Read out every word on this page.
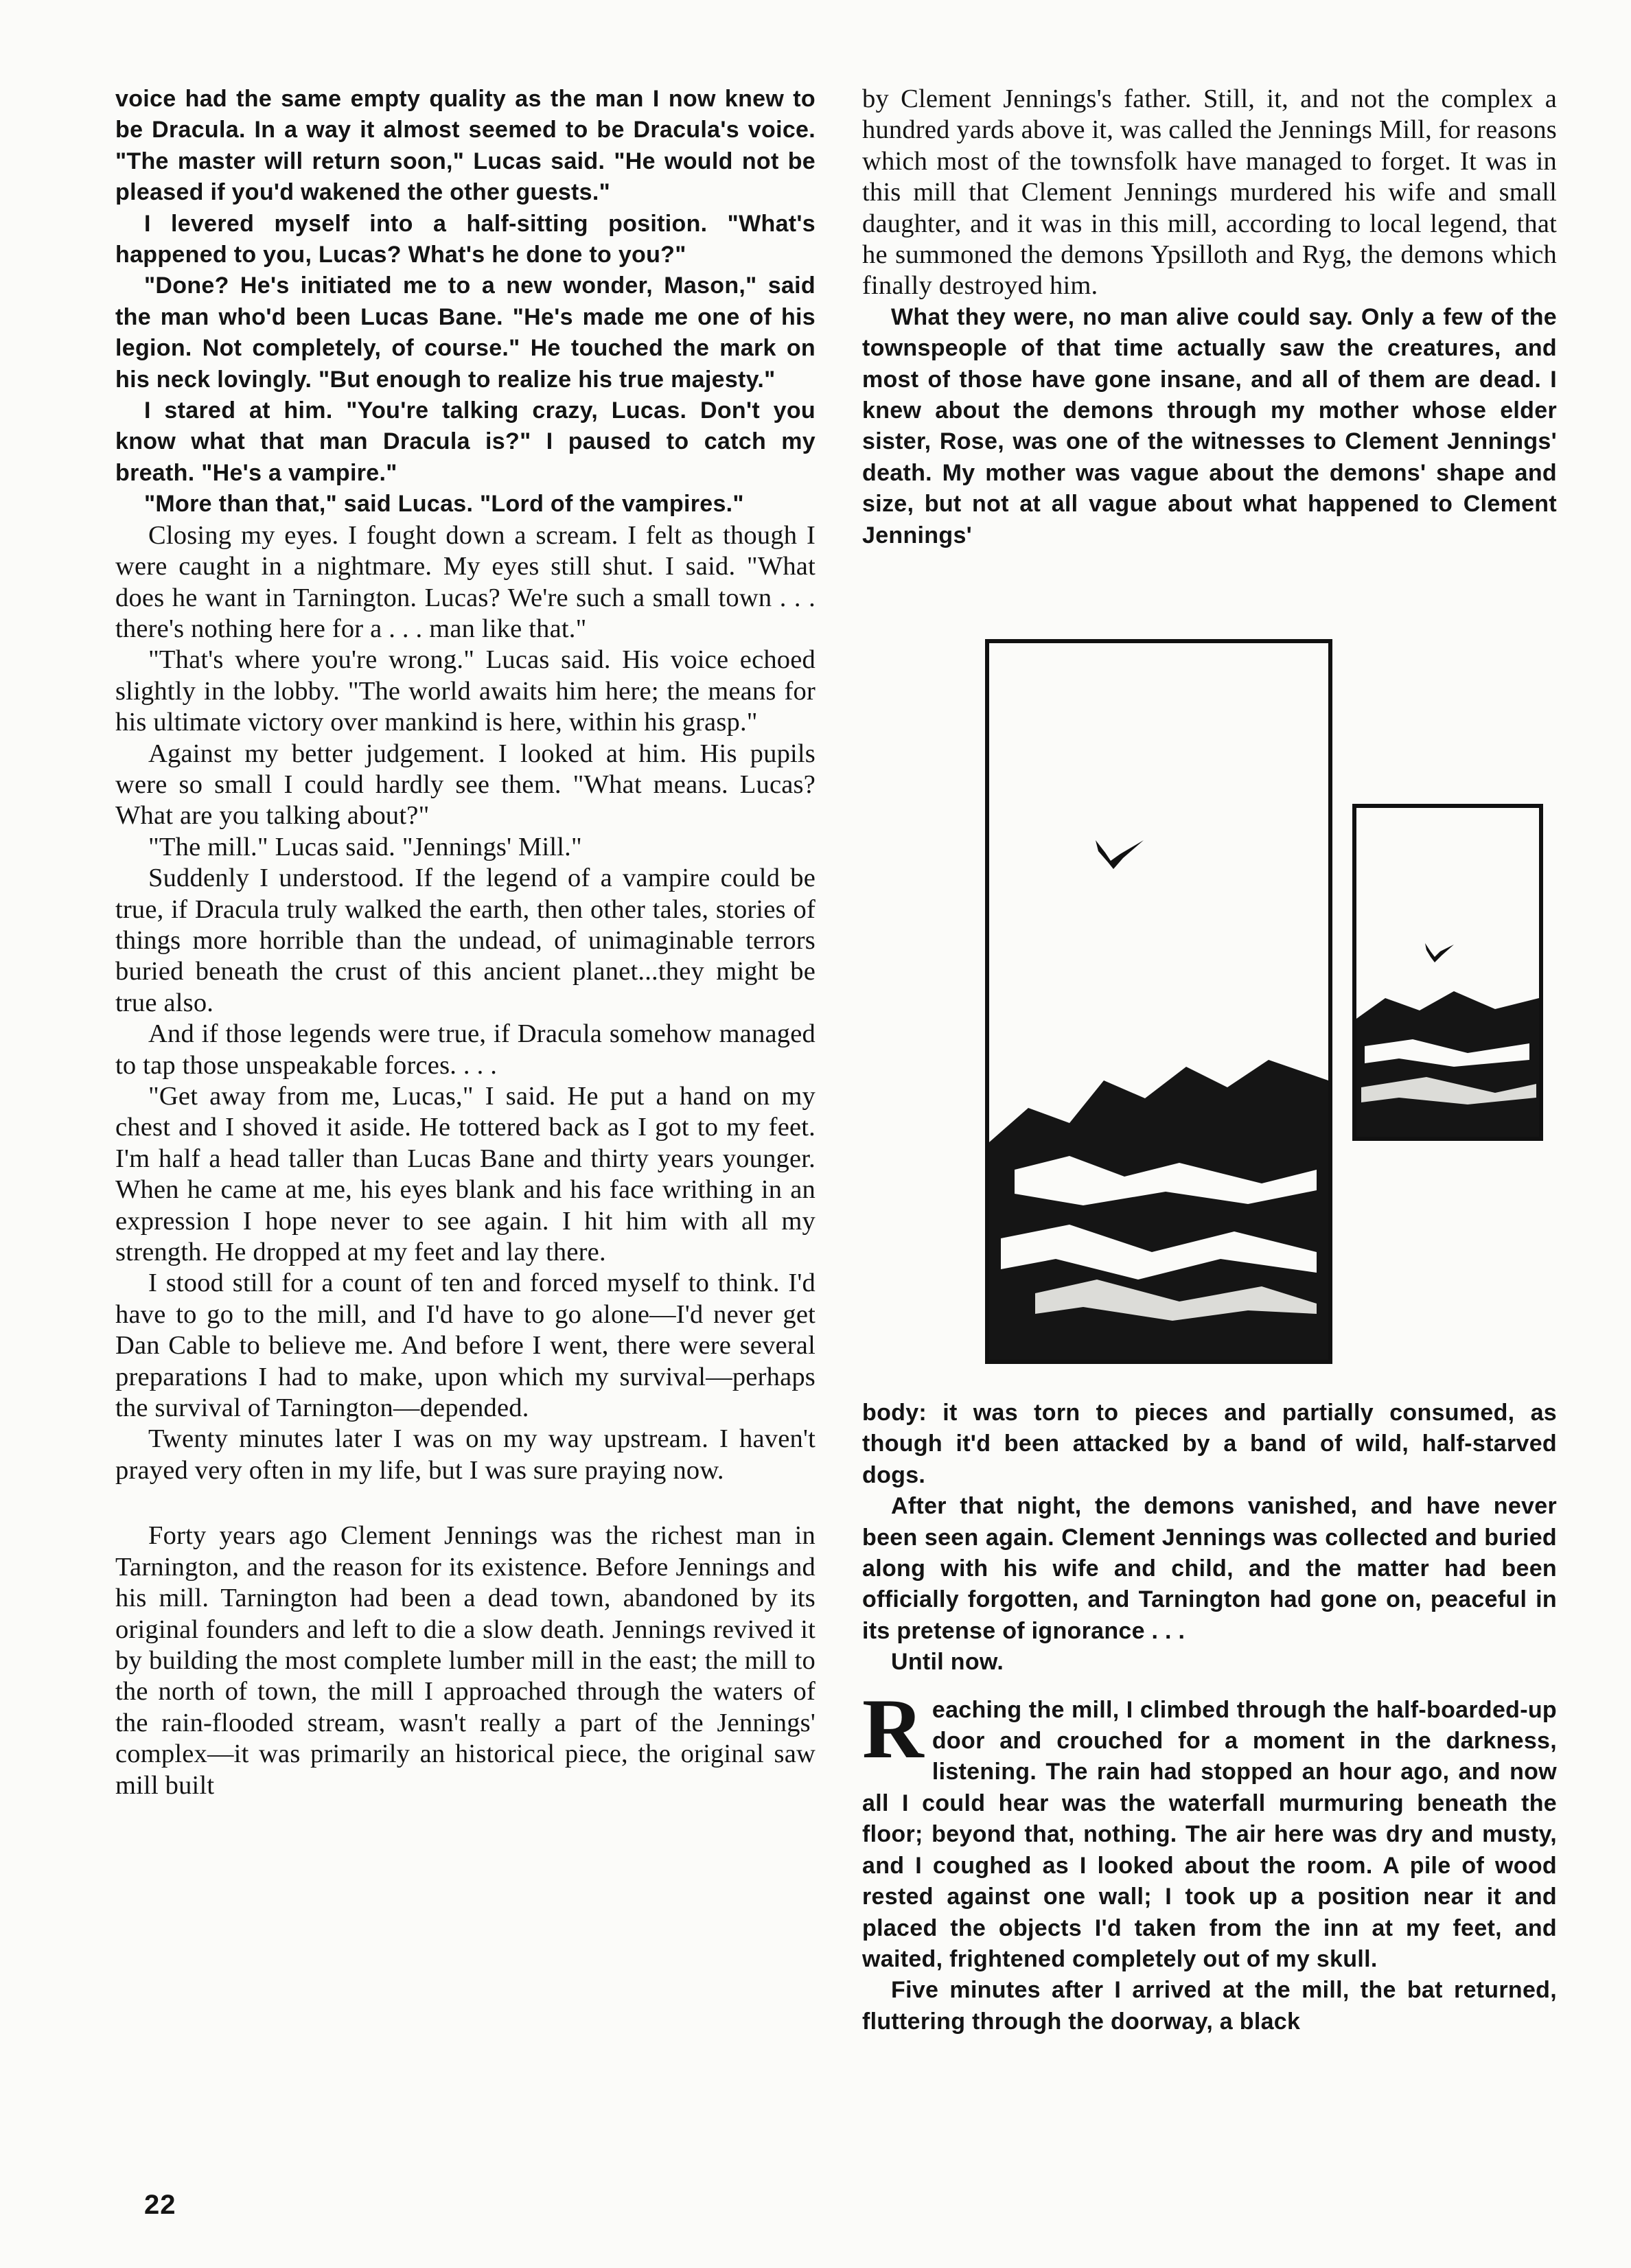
voice had the same empty quality as the man I now knew to be Dracula. In a way it almost seemed to be Dracula's voice. "The master will return soon," Lucas said. "He would not be pleased if you'd wakened the other guests."

I levered myself into a half-sitting position. "What's happened to you, Lucas? What's he done to you?"

"Done? He's initiated me to a new wonder, Mason," said the man who'd been Lucas Bane. "He's made me one of his legion. Not completely, of course." He touched the mark on his neck lovingly. "But enough to realize his true majesty."

I stared at him. "You're talking crazy, Lucas. Don't you know what that man Dracula is?" I paused to catch my breath. "He's a vampire."

"More than that," said Lucas. "Lord of the vampires."

Closing my eyes. I fought down a scream. I felt as though I were caught in a nightmare. My eyes still shut. I said. "What does he want in Tarnington. Lucas? We're such a small town . . . there's nothing here for a . . . man like that."

"That's where you're wrong." Lucas said. His voice echoed slightly in the lobby. "The world awaits him here; the means for his ultimate victory over mankind is here, within his grasp."

Against my better judgement. I looked at him. His pupils were so small I could hardly see them. "What means. Lucas? What are you talking about?"

"The mill." Lucas said. "Jennings' Mill."

Suddenly I understood. If the legend of a vampire could be true, if Dracula truly walked the earth, then other tales, stories of things more horrible than the undead, of unimaginable terrors buried beneath the crust of this ancient planet...they might be true also.

And if those legends were true, if Dracula somehow managed to tap those unspeakable forces. . . .

"Get away from me, Lucas," I said. He put a hand on my chest and I shoved it aside. He tottered back as I got to my feet. I'm half a head taller than Lucas Bane and thirty years younger. When he came at me, his eyes blank and his face writhing in an expression I hope never to see again. I hit him with all my strength. He dropped at my feet and lay there.

I stood still for a count of ten and forced myself to think. I'd have to go to the mill, and I'd have to go alone—I'd never get Dan Cable to believe me. And before I went, there were several preparations I had to make, upon which my survival—perhaps the survival of Tarnington—depended.

Twenty minutes later I was on my way upstream. I haven't prayed very often in my life, but I was sure praying now.

Forty years ago Clement Jennings was the richest man in Tarnington, and the reason for its existence. Before Jennings and his mill. Tarnington had been a dead town, abandoned by its original founders and left to die a slow death. Jennings revived it by building the most complete lumber mill in the east; the mill to the north of town, the mill I approached through the waters of the rain-flooded stream, wasn't really a part of the Jennings' complex—it was primarily an historical piece, the original saw mill built

by Clement Jennings's father. Still, it, and not the complex a hundred yards above it, was called the Jennings Mill, for reasons which most of the townsfolk have managed to forget. It was in this mill that Clement Jennings murdered his wife and small daughter, and it was in this mill, according to local legend, that he summoned the demons Ypsilloth and Ryg, the demons which finally destroyed him.

What they were, no man alive could say. Only a few of the townspeople of that time actually saw the creatures, and most of those have gone insane, and all of them are dead. I knew about the demons through my mother whose elder sister, Rose, was one of the witnesses to Clement Jennings' death. My mother was vague about the demons' shape and size, but not at all vague about what happened to Clement Jennings'

body: it was torn to pieces and partially consumed, as though it'd been attacked by a band of wild, half-starved dogs.

After that night, the demons vanished, and have never been seen again. Clement Jennings was collected and buried along with his wife and child, and the matter had been officially forgotten, and Tarnington had gone on, peaceful in its pretense of ignorance . . .

Until now.

Reaching the mill, I climbed through the half-boarded-up door and crouched for a moment in the darkness, listening. The rain had stopped an hour ago, and now all I could hear was the waterfall murmuring beneath the floor; beyond that, nothing. The air here was dry and musty, and I coughed as I looked about the room. A pile of wood rested against one wall; I took up a position near it and placed the objects I'd taken from the inn at my feet, and waited, frightened completely out of my skull.

Five minutes after I arrived at the mill, the bat returned, fluttering through the doorway, a black

22
